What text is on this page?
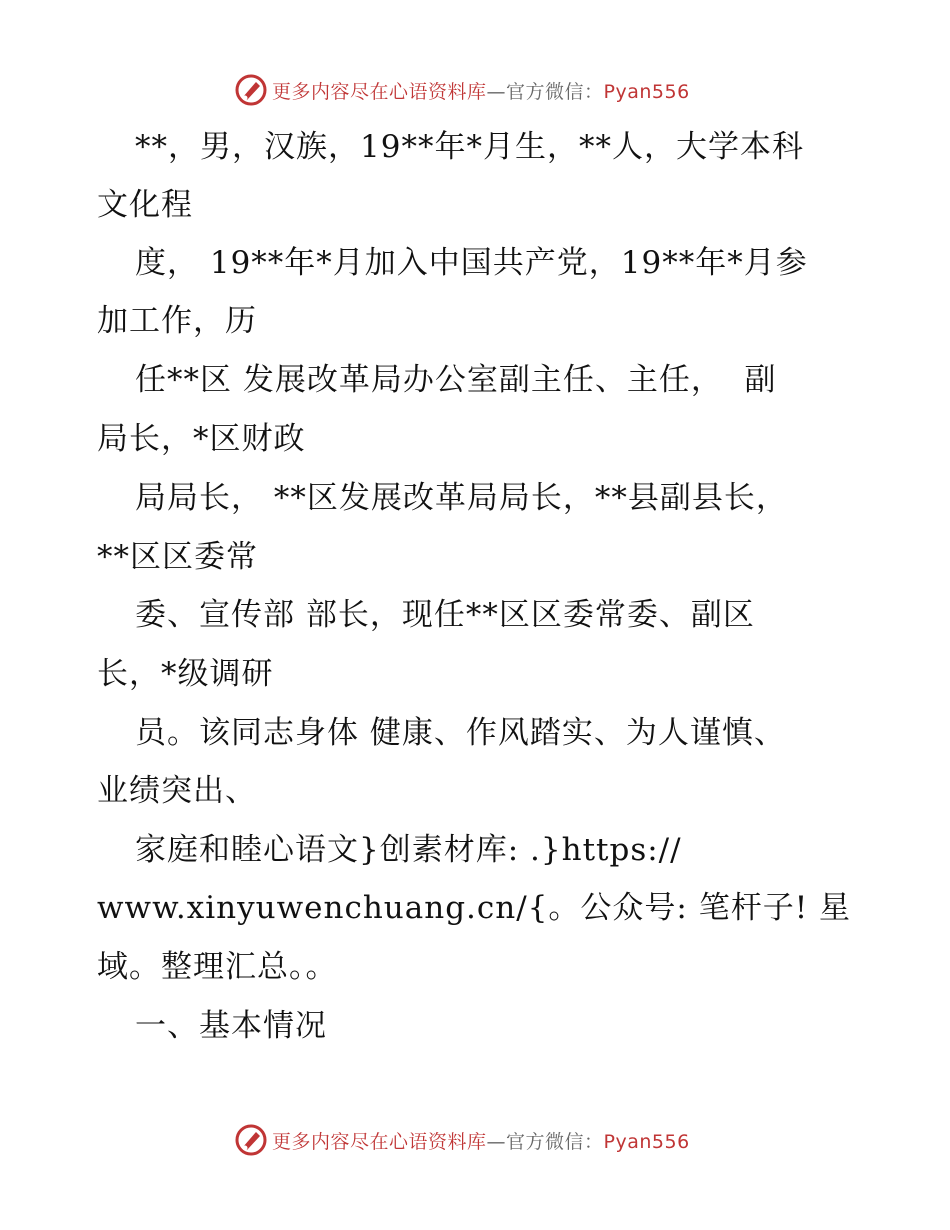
更多内容尽在心语资料库—官方微信：Pyan556
**，男，汉族，19**年*月生，**人，大学本科
文化程
度， 19**年*月加入中国共产党，19**年*月参
加工作，历
任**区 发展改革局办公室副主任、主任，  副
局长，*区财政
局局长， **区发展改革局局长，**县副县长，
**区区委常
委、宣传部 部长，现任**区区委常委、副区
长，*级调研
员。该同志身体 健康、作风踏实、为人谨慎、
业绩突出、
家庭和睦心语文}创素材库: .}https://
www.xinyuwenchuang.cn/{。公众号: 笔杆子! 星
域。整理汇总。。
一、基本情况
更多内容尽在心语资料库—官方微信：Pyan556
